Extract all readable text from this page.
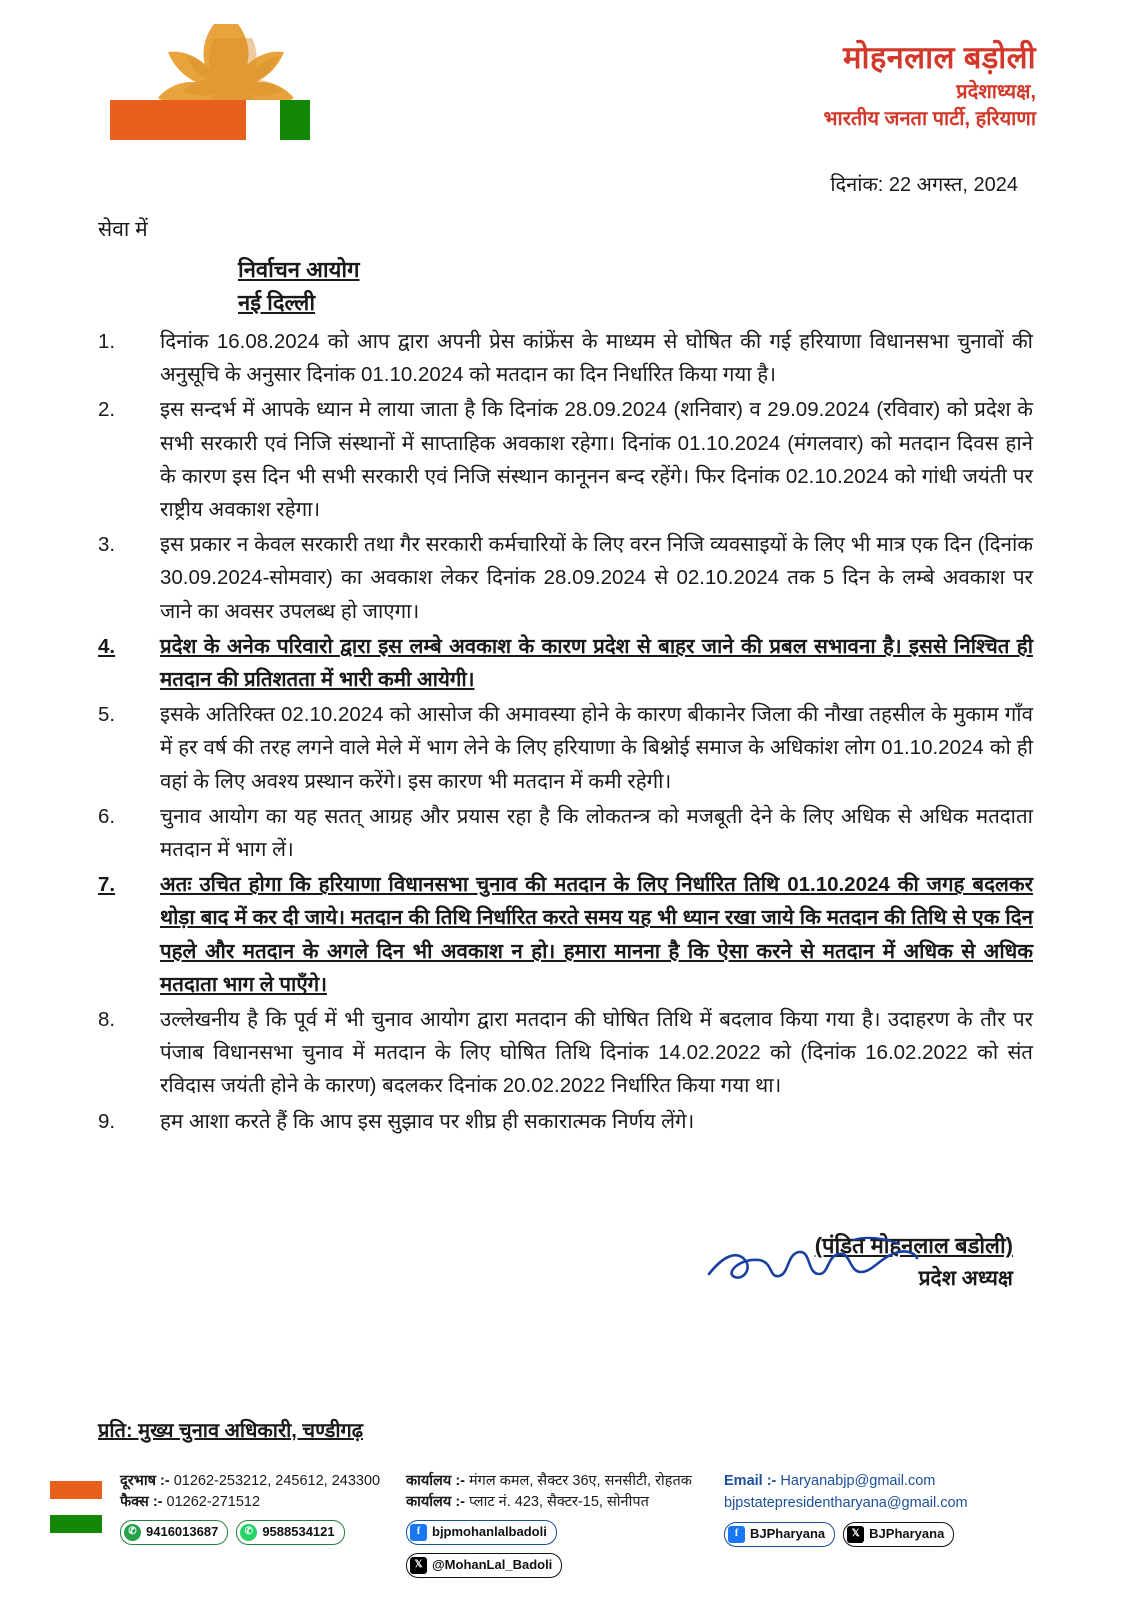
मोहनलाल बड़ोली
प्रदेशाध्यक्ष,
भारतीय जनता पार्टी, हरियाणा
दिनांक: 22 अगस्त, 2024
सेवा में
निर्वाचन आयोग
नई दिल्ली
1.	दिनांक 16.08.2024 को आप द्वारा अपनी प्रेस कांफ्रेंस के माध्यम से घोषित की गई हरियाणा विधानसभा चुनावों की अनुसूचि के अनुसार दिनांक 01.10.2024 को मतदान का दिन निर्धारित किया गया है।
2.	इस सन्दर्भ में आपके ध्यान मे लाया जाता है कि दिनांक 28.09.2024 (शनिवार) व 29.09.2024 (रविवार) को प्रदेश के सभी सरकारी एवं निजि संस्थानों में साप्ताहिक अवकाश रहेगा। दिनांक 01.10.2024 (मंगलवार) को मतदान दिवस हाने के कारण इस दिन भी सभी सरकारी एवं निजि संस्थान कानूनन बन्द रहेंगे। फिर दिनांक 02.10.2024 को गांधी जयंती पर राष्ट्रीय अवकाश रहेगा।
3.	इस प्रकार न केवल सरकारी तथा गैर सरकारी कर्मचारियों के लिए वरन निजि व्यवसाइयों के लिए भी मात्र एक दिन (दिनांक 30.09.2024-सोमवार) का अवकाश लेकर दिनांक 28.09.2024 से 02.10.2024 तक 5 दिन के लम्बे अवकाश पर जाने का अवसर उपलब्ध हो जाएगा।
4.	प्रदेश के अनेक परिवारो द्वारा इस लम्बे अवकाश के कारण प्रदेश से बाहर जाने की प्रबल सभावना है। इससे निश्चित ही मतदान की प्रतिशतता में भारी कमी आयेगी।
5.	इसके अतिरिक्त 02.10.2024 को आसोज की अमावस्या होने के कारण बीकानेर जिला की नौखा तहसील के मुकाम गाँव में हर वर्ष की तरह लगने वाले मेले में भाग लेने के लिए हरियाणा के बिश्नोई समाज के अधिकांश लोग 01.10.2024 को ही वहां के लिए अवश्य प्रस्थान करेंगे। इस कारण भी मतदान में कमी रहेगी।
6.	चुनाव आयोग का यह सतत् आग्रह और प्रयास रहा है कि लोकतन्त्र को मजबूती देने के लिए अधिक से अधिक मतदाता मतदान में भाग लें।
7.	अतः उचित होगा कि हरियाणा विधानसभा चुनाव की मतदान के लिए निर्धारित तिथि 01.10.2024 की जगह बदलकर थोड़ा बाद में कर दी जाये। मतदान की तिथि निर्धारित करते समय यह भी ध्यान रखा जाये कि मतदान की तिथि से एक दिन पहले और मतदान के अगले दिन भी अवकाश न हो। हमारा मानना है कि ऐसा करने से मतदान में अधिक से अधिक मतदाता भाग ले पाएँगे।
8.	उल्लेखनीय है कि पूर्व में भी चुनाव आयोग द्वारा मतदान की घोषित तिथि में बदलाव किया गया है। उदाहरण के तौर पर पंजाब विधानसभा चुनाव में मतदान के लिए घोषित तिथि दिनांक 14.02.2022 को (दिनांक 16.02.2022 को संत रविदास जयंती होने के कारण) बदलकर दिनांक 20.02.2022 निर्धारित किया गया था।
9.	हम आशा करते हैं कि आप इस सुझाव पर शीघ्र ही सकारात्मक निर्णय लेंगे।
(पंडित मोहनलाल बडोली)
प्रदेश अध्यक्ष
प्रति: मुख्य चुनाव अधिकारी, चण्डीगढ़
दूरभाष :- 01262-253212, 245612, 243300
फैक्स :- 01262-271512
✆ 9416013687	✆ 9588534121
कार्यालय :- मंगल कमल, सैक्टर 36ए, सनसीटी, रोहतक
कार्यालय :- प्लाट नं. 423, सैक्टर-15, सोनीपत
f bjpmohanlalbadoli
𝕏 @MohanLal_Badoli
Email :- Haryanabjp@gmail.com
bjpstatepresidentharyana@gmail.com
f BJPharyana	𝕏 BJPharyana
